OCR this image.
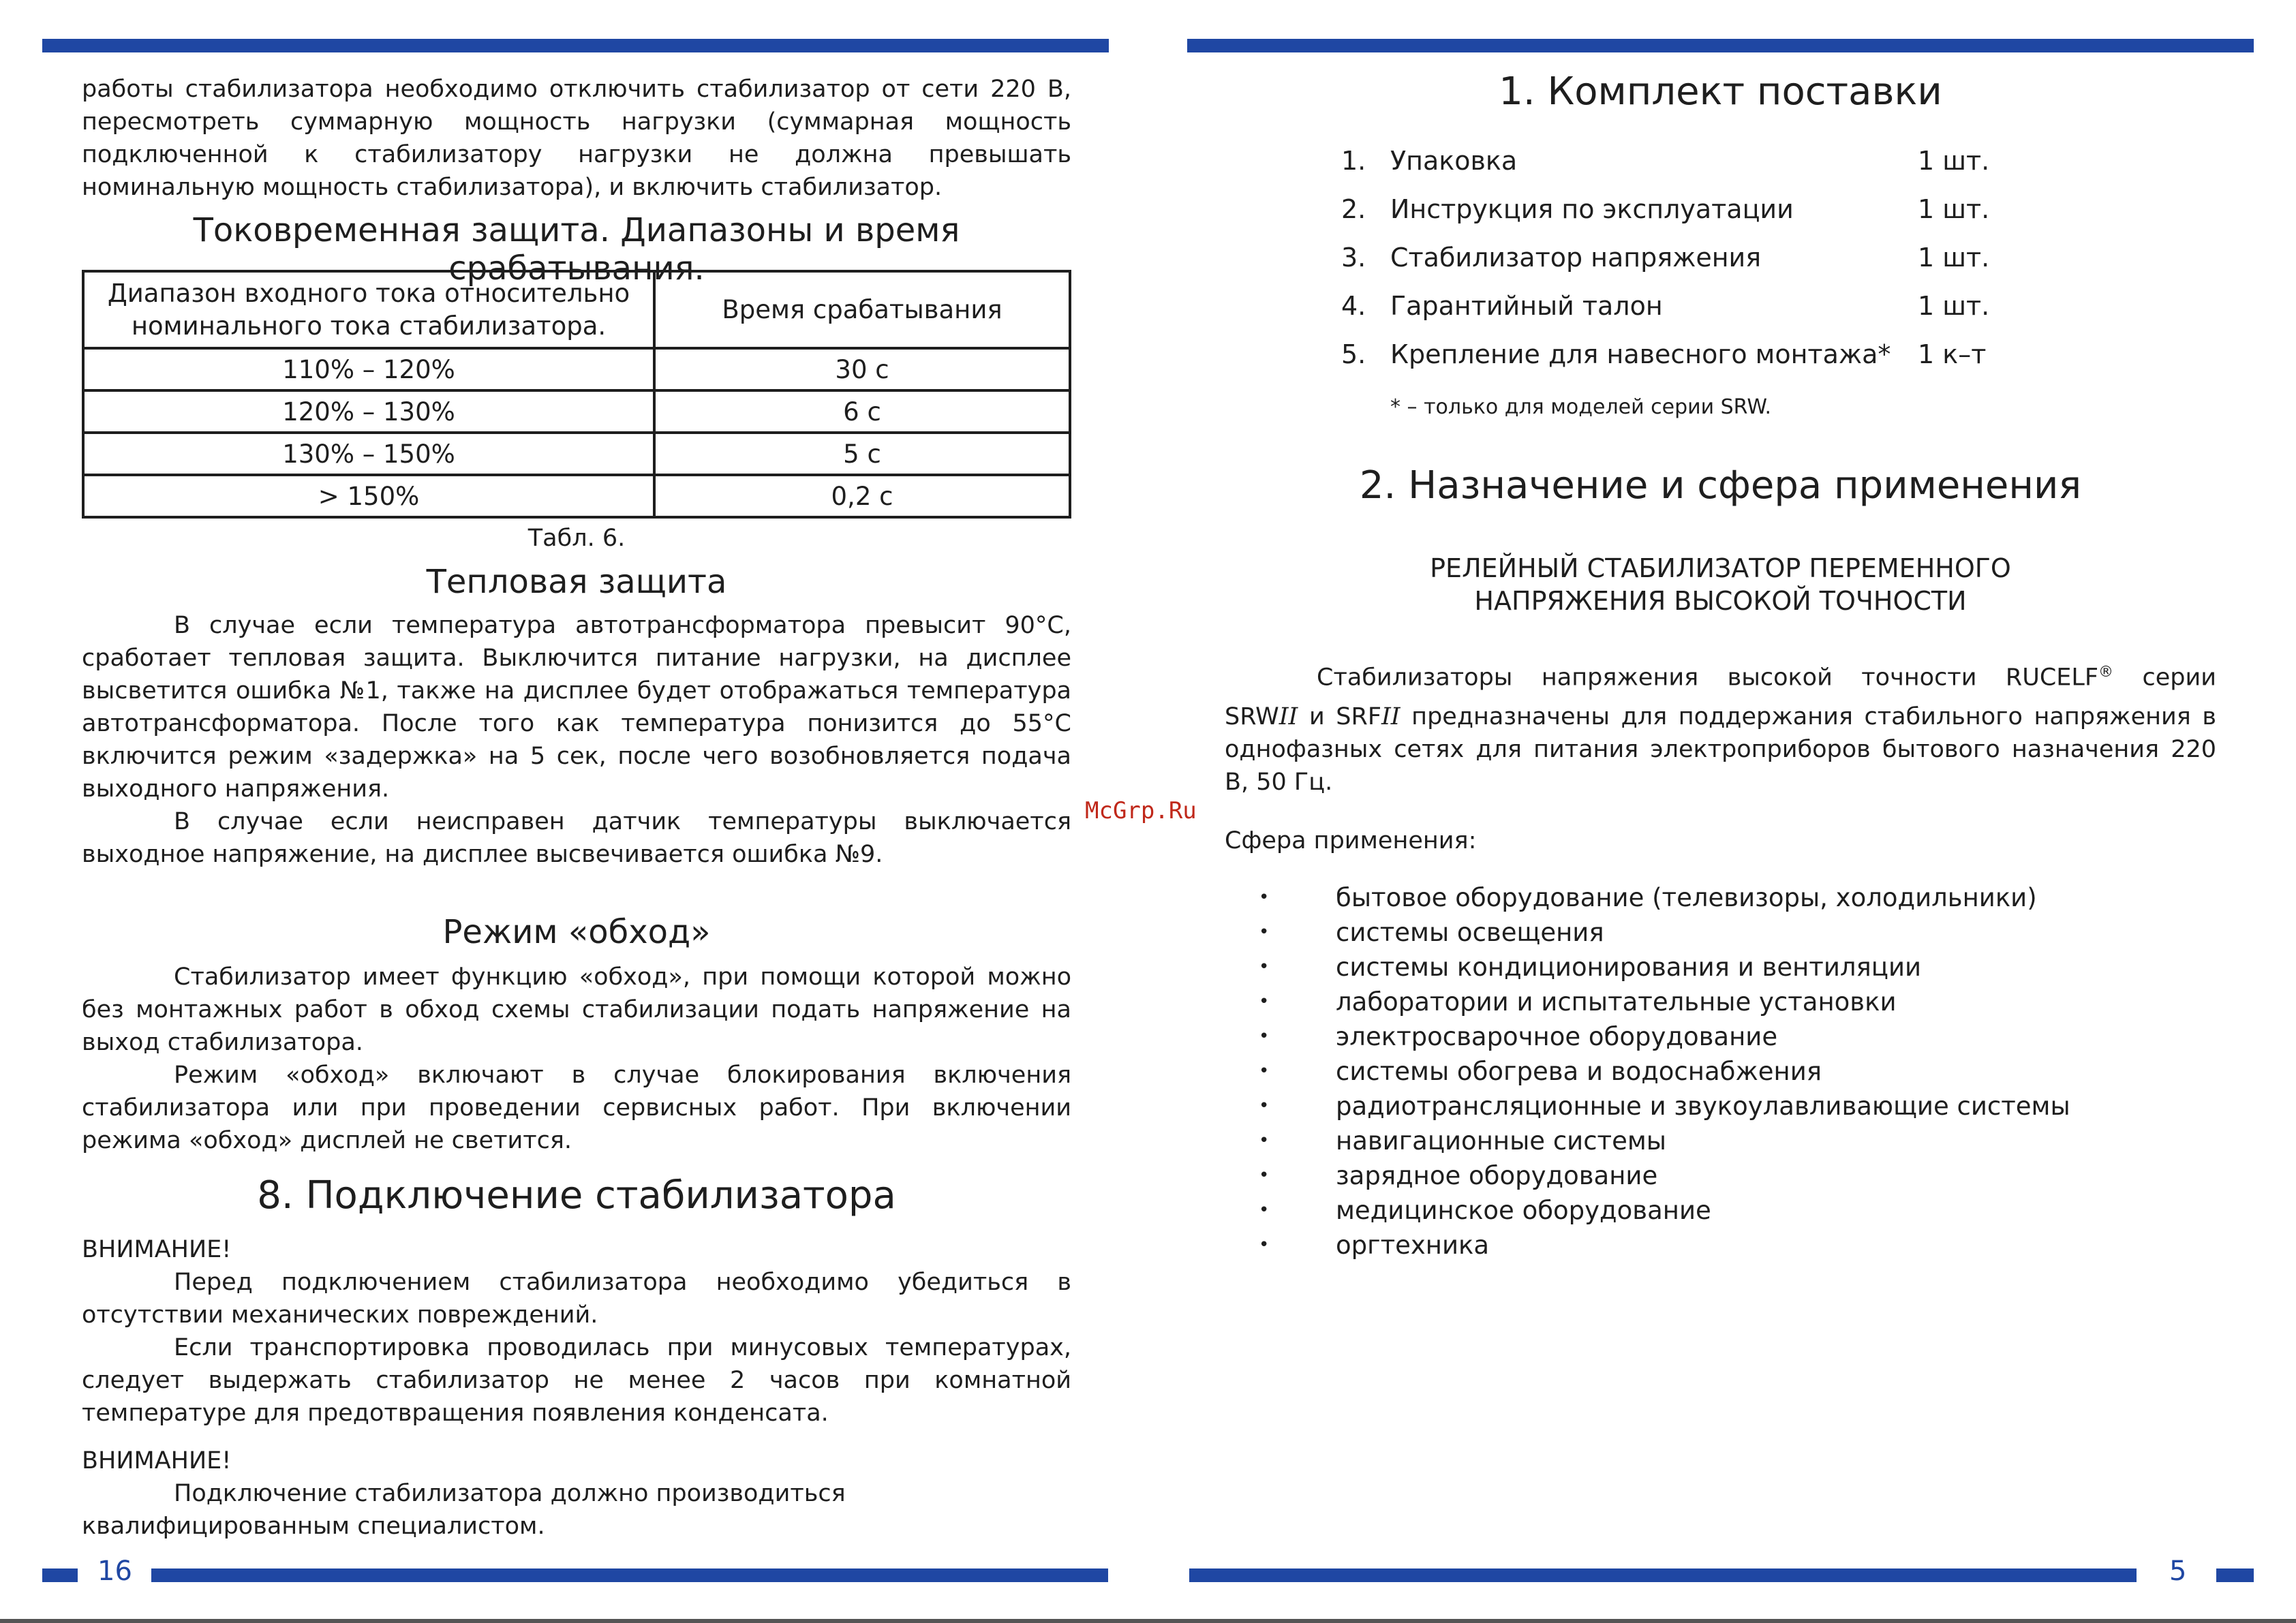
работы стабилизатора необходимо отключить стабилизатор от сети 220 В, пересмотреть суммарную мощность нагрузки (суммарная мощность подключенной к стабилизатору нагрузки не должна превышать номинальную мощность стабилизатора), и включить стабилизатор.

Токовременная защита. Диапазоны и время срабатывания.

Диапазон входного тока относительно номинального тока стабилизатора.	Время срабатывания
110% – 120%	30 с
120% – 130%	6 с
130% – 150%	5 с
> 150%	0,2 с

Табл. 6.

Тепловая защита

В случае если температура автотрансформатора превысит 90°С, сработает тепловая защита. Выключится питание нагрузки, на дисплее высветится ошибка №1, также на дисплее будет отображаться температура автотрансформатора. После того как температура понизится до 55°С включится режим «задержка» на 5 сек, после чего возобновляется подача выходного напряжения.

В случае если неисправен датчик температуры выключается выходное напряжение, на дисплее высвечивается ошибка №9.

Режим «обход»

Стабилизатор имеет функцию «обход», при помощи которой можно без монтажных работ в обход схемы стабилизации подать напряжение на выход стабилизатора.

Режим «обход» включают в случае блокирования включения стабилизатора или при проведении сервисных работ. При включении режима «обход» дисплей не светится.

8. Подключение стабилизатора

ВНИМАНИЕ!

Перед подключением стабилизатора необходимо убедиться в отсутствии механических повреждений.

Если транспортировка проводилась при минусовых температурах, следует выдержать стабилизатор не менее 2 часов при комнатной температуре для предотвращения появления конденсата.

ВНИМАНИЕ!

Подключение стабилизатора должно производиться

квалифицированным специалистом.

16
McGrp.Ru

1. Комплект поставки

1. Упаковка	1 шт.
2. Инструкция по эксплуатации	1 шт.
3. Стабилизатор напряжения	1 шт.
4. Гарантийный талон	1 шт.
5. Крепление для навесного монтажа* 1 к–т

* – только для моделей серии SRW.

2. Назначение и сфера применения

РЕЛЕЙНЫЙ СТАБИЛИЗАТОР ПЕРЕМЕННОГО

НАПРЯЖЕНИЯ ВЫСОКОЙ ТОЧНОСТИ

Стабилизаторы напряжения высокой точности RUCELF® серии

SRWII и SRFII предназначены для поддержания стабильного напряжения в однофазных сетях для питания электроприборов бытового назначения 220 В, 50 Гц.

Сфера применения:

•	бытовое оборудование (телевизоры, холодильники)
•	системы освещения
•	системы кондиционирования и вентиляции
•	лаборатории и испытательные установки
•	электросварочное оборудование
•	системы обогрева и водоснабжения
•	радиотрансляционные и звукоулавливающие системы
•	навигационные системы
•	зарядное оборудование
•	медицинское оборудование
•	оргтехника
5
